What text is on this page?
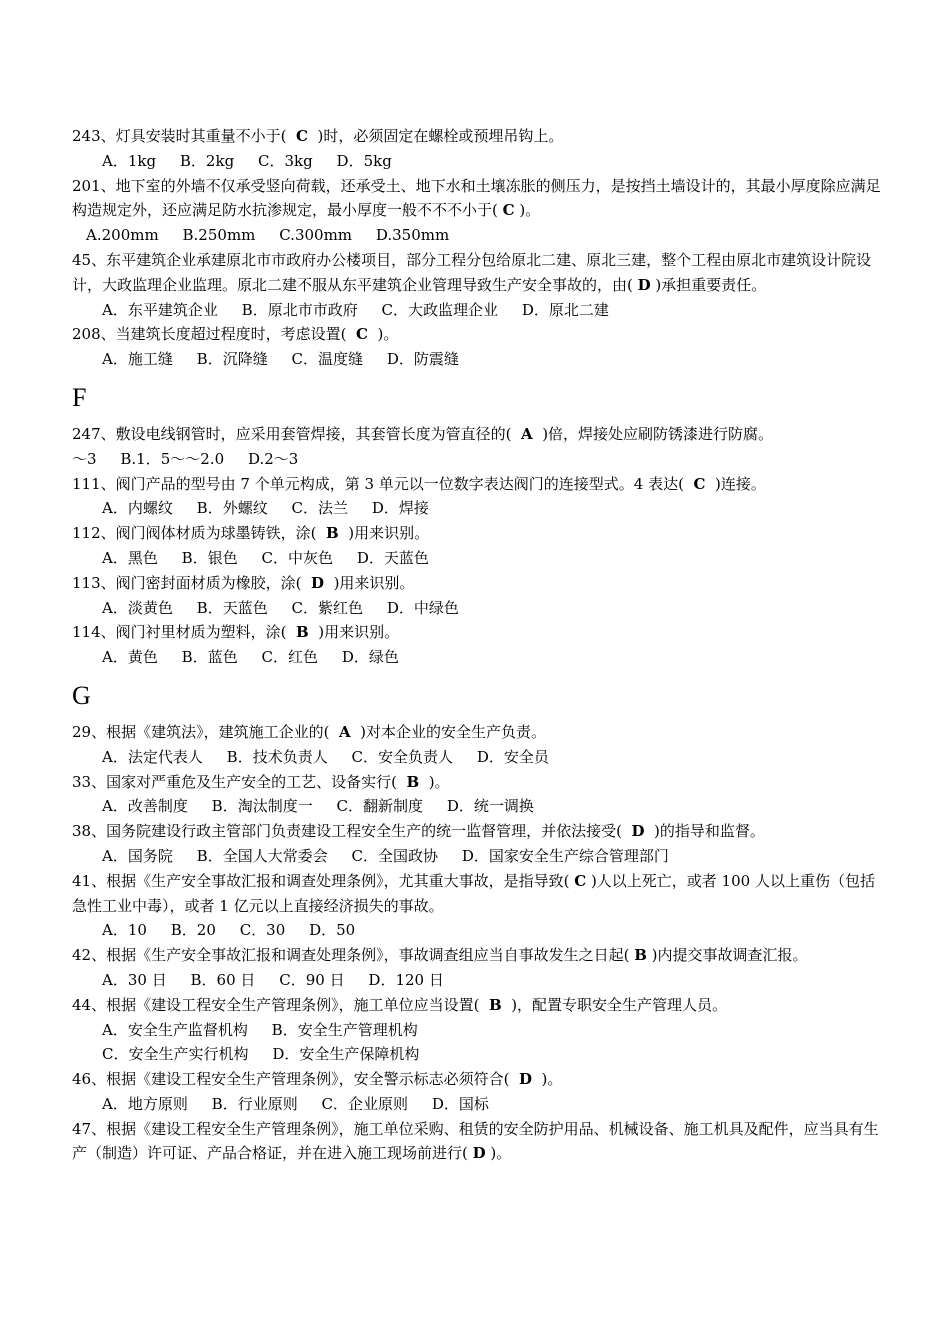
243、灯具安装时其重量不小于(  C  )时，必须固定在螺栓或预埋吊钩上。
A．1kg     B．2kg     C．3kg     D．5kg
201、地下室的外墙不仅承受竖向荷载，还承受土、地下水和土壤冻胀的侧压力，是按挡土墙设计的，其最小厚度除应满足构造规定外，还应满足防水抗渗规定，最小厚度一般不不不小于( C )。
A.200mm     B.250mm     C.300mm     D.350mm
45、东平建筑企业承建原北市市政府办公楼项目，部分工程分包给原北二建、原北三建，整个工程由原北市建筑设计院设计，大政监理企业监理。原北二建不服从东平建筑企业管理导致生产安全事故的，由( D )承担重要责任。
A．东平建筑企业     B．原北市市政府     C．大政监理企业     D．原北二建
208、当建筑长度超过程度时，考虑设置(  C  )。
A．施工缝     B．沉降缝     C．温度缝     D．防震缝
F
247、敷设电线钢管时，应采用套管焊接，其套管长度为管直径的(  A  )倍，焊接处应刷防锈漆进行防腐。
～3     B.1．5～～2.0     D.2～3
111、阀门产品的型号由 7 个单元构成，第 3 单元以一位数字表达阀门的连接型式。4 表达(  C  )连接。
A．内螺纹     B．外螺纹     C．法兰     D．焊接
112、阀门阀体材质为球墨铸铁，涂(  B  )用来识别。
A．黑色     B．银色     C．中灰色     D．天蓝色
113、阀门密封面材质为橡胶，涂(  D  )用来识别。
A．淡黄色     B．天蓝色     C．紫红色     D．中绿色
114、阀门衬里材质为塑料，涂(  B  )用来识别。
A．黄色     B．蓝色     C．红色     D．绿色
G
29、根据《建筑法》，建筑施工企业的(  A  )对本企业的安全生产负责。
A．法定代表人     B．技术负责人     C．安全负责人     D．安全员
33、国家对严重危及生产安全的工艺、设备实行(  B  )。
A．改善制度     B．淘汰制度一     C．翻新制度     D．统一调换
38、国务院建设行政主管部门负责建设工程安全生产的统一监督管理，并依法接受(  D  )的指导和监督。
A．国务院     B．全国人大常委会     C．全国政协     D．国家安全生产综合管理部门
41、根据《生产安全事故汇报和调查处理条例》，尤其重大事故，是指导致( C )人以上死亡，或者 100 人以上重伤（包括急性工业中毒），或者 1 亿元以上直接经济损失的事故。
A．10     B．20     C．30     D．50
42、根据《生产安全事故汇报和调查处理条例》，事故调查组应当自事故发生之日起( B )内提交事故调查汇报。
A．30 日     B．60 日     C．90 日     D．120 日
44、根据《建设工程安全生产管理条例》，施工单位应当设置(  B  )，配置专职安全生产管理人员。
A．安全生产监督机构     B．安全生产管理机构
C．安全生产实行机构     D．安全生产保障机构
46、根据《建设工程安全生产管理条例》，安全警示标志必须符合(  D  )。
A．地方原则     B．行业原则     C．企业原则     D．国标
47、根据《建设工程安全生产管理条例》，施工单位采购、租赁的安全防护用品、机械设备、施工机具及配件，应当具有生产（制造）许可证、产品合格证，并在进入施工现场前进行( D )。
